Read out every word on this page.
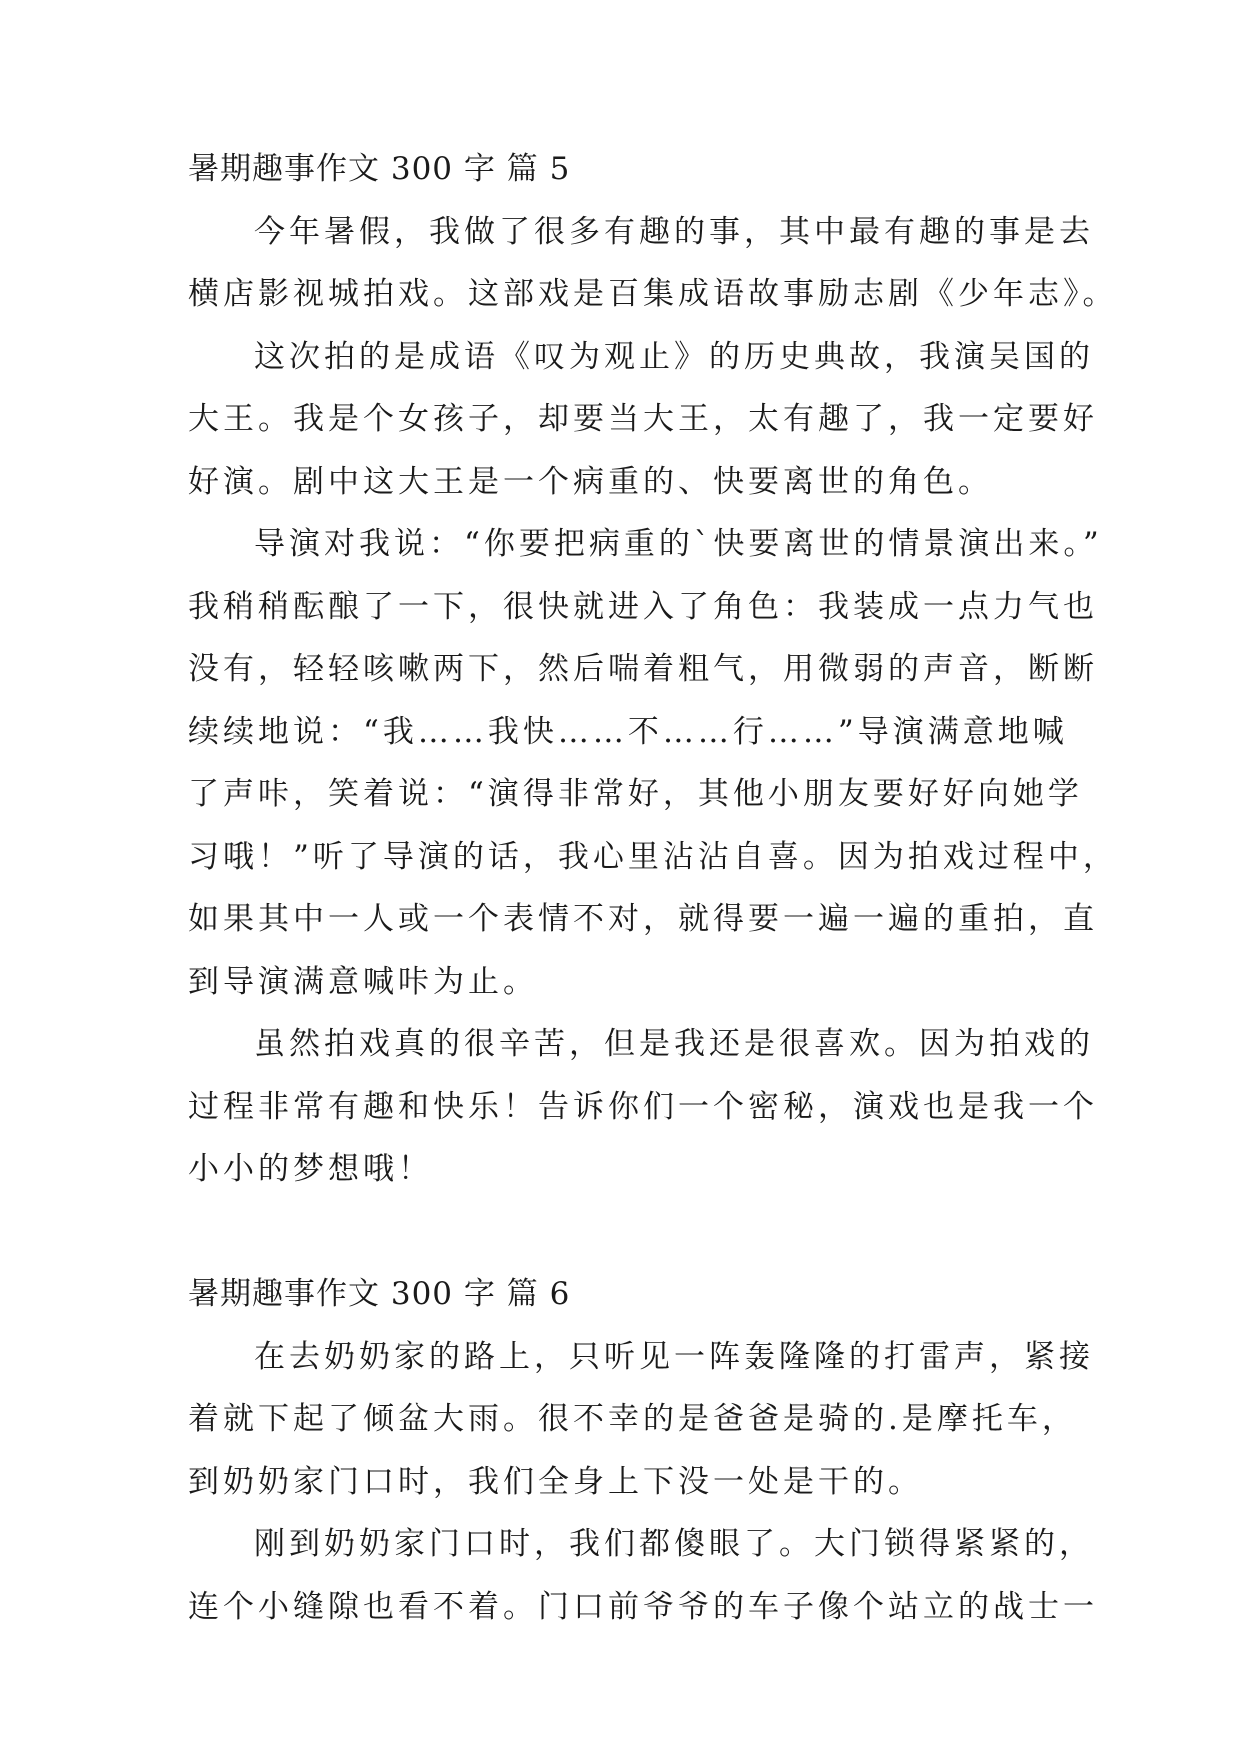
暑期趣事作文 300 字 篇 5

今年暑假，我做了很多有趣的事，其中最有趣的事是去

横店影视城拍戏。这部戏是百集成语故事励志剧《少年志》。

这次拍的是成语《叹为观止》的历史典故，我演吴国的

大王。我是个女孩子，却要当大王，太有趣了，我一定要好

好演。剧中这大王是一个病重的、快要离世的角色。

导演对我说：“你要把病重的`快要离世的情景演出来。”

我稍稍酝酿了一下，很快就进入了角色：我装成一点力气也

没有，轻轻咳嗽两下，然后喘着粗气，用微弱的声音，断断

续续地说：“我……我快……不……行……”导演满意地喊

了声咔，笑着说：“演得非常好，其他小朋友要好好向她学

习哦！”听了导演的话，我心里沾沾自喜。因为拍戏过程中，

如果其中一人或一个表情不对，就得要一遍一遍的重拍，直

到导演满意喊咔为止。

虽然拍戏真的很辛苦，但是我还是很喜欢。因为拍戏的

过程非常有趣和快乐！告诉你们一个密秘，演戏也是我一个

小小的梦想哦！

暑期趣事作文 300 字 篇 6

在去奶奶家的路上，只听见一阵轰隆隆的打雷声，紧接

着就下起了倾盆大雨。很不幸的是爸爸是骑的.是摩托车，

到奶奶家门口时，我们全身上下没一处是干的。

刚到奶奶家门口时，我们都傻眼了。大门锁得紧紧的，

连个小缝隙也看不着。门口前爷爷的车子像个站立的战士一
